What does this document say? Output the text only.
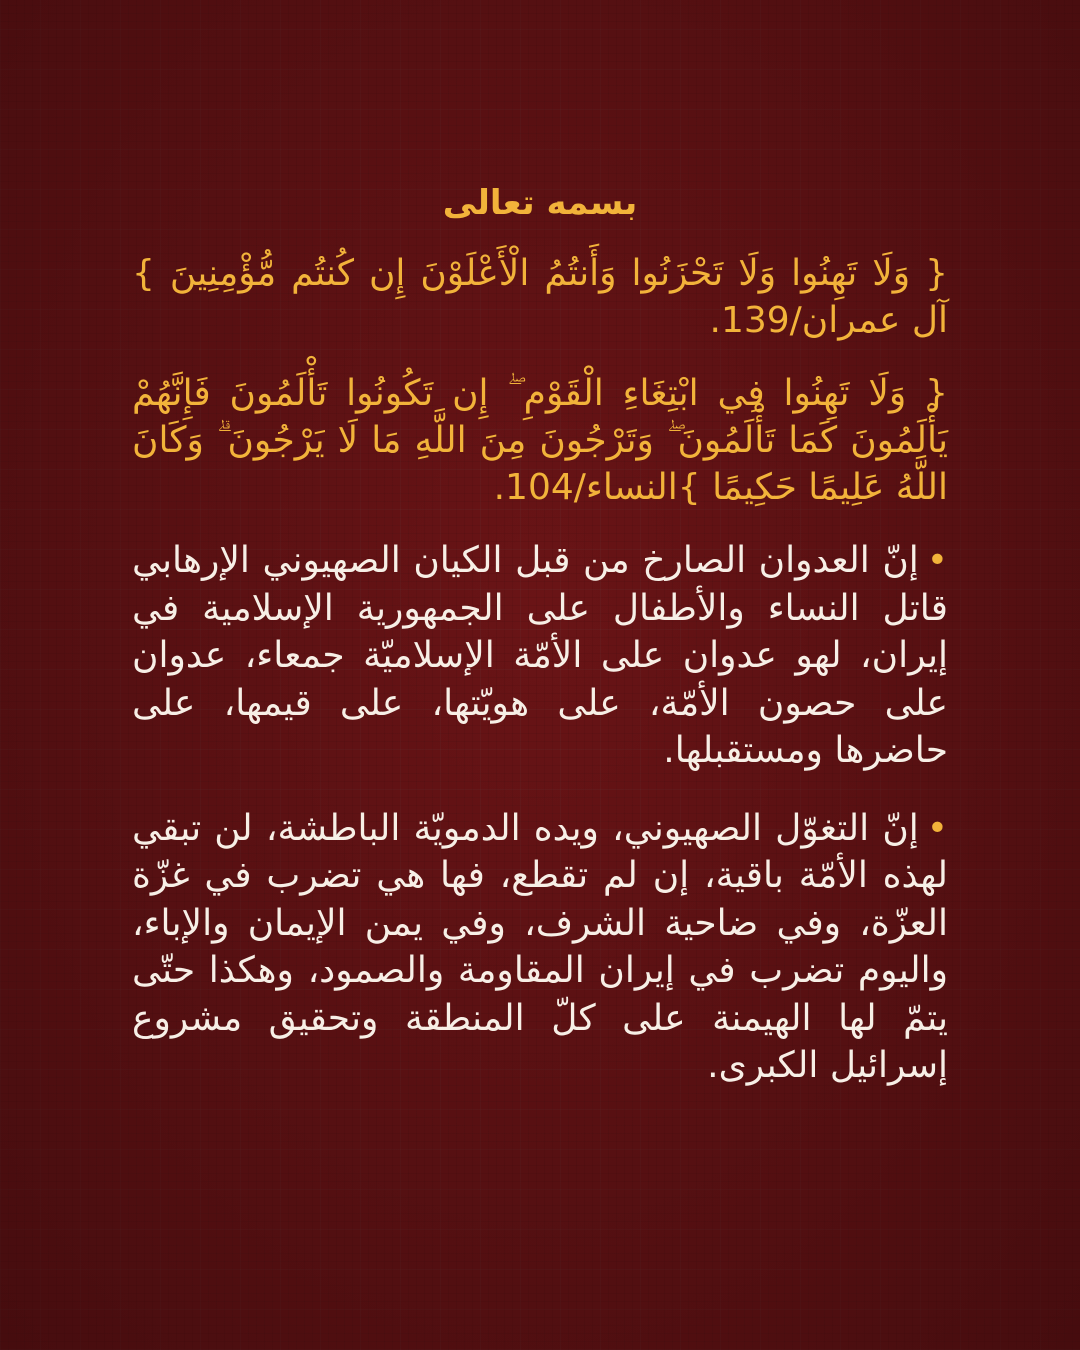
بسمه تعالى

{ وَلَا تَهِنُوا وَلَا تَحْزَنُوا وَأَنتُمُ الْأَعْلَوْنَ إِن كُنتُم مُّؤْمِنِينَ }آل عمران/139.

{ وَلَا تَهِنُوا فِي ابْتِغَاءِ الْقَوْمِ ۖ إِن تَكُونُوا تَأْلَمُونَ فَإِنَّهُمْ يَأْلَمُونَ كَمَا تَأْلَمُونَ ۖ وَتَرْجُونَ مِنَ اللَّهِ مَا لَا يَرْجُونَ ۗ وَكَانَ اللَّهُ عَلِيمًا حَكِيمًا }النساء/104.

•إنّ العدوان الصارخ من قبل الكيان الصهيوني الإرهابي قاتل النساء والأطفال على الجمهورية الإسلامية في إيران، لهو عدوان على الأمّة الإسلاميّة جمعاء، عدوان على حصون الأمّة، على هويّتها، على قيمها، على حاضرها ومستقبلها.

•إنّ التغوّل الصهيوني، ويده الدمويّة الباطشة، لن تبقي لهذه الأمّة باقية، إن لم تقطع، فها هي تضرب في غزّة العزّة، وفي ضاحية الشرف، وفي يمن الإيمان والإباء، واليوم تضرب في إيران المقاومة والصمود، وهكذا حتّى يتمّ لها الهيمنة على كلّ المنطقة وتحقيق مشروع إسرائيل الكبرى.
